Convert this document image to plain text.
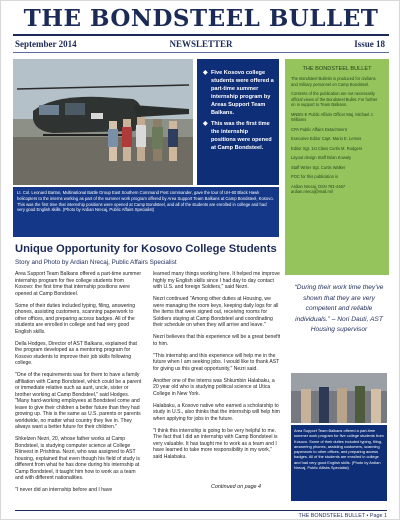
THE BONDSTEEL BULLET
September 2014	NEWSLETTER	Issue 18
◆ Five Kosovo college students were offered a part-time summer internship program by Areas Support Team Balkans.
◆ This was the first time the internship positions were opened at Camp Bondsteel.
Lt. Col. Leonard Barton, Multinational Battle Group East Southern Command Post commander, gave the tour of UH-60 Black Hawk helicopters to the interns working as part of the summer work program offered by Area Support Team Balkans at Camp Bondsteel, Kosovo. This was the first time that internship positions were opened at Camp Bondsteel, and all of the students are enrolled in college and had very good English skills. (Photo by Ardian Nrecaj, Public Affairs Specialist)
THE BONDSTEEL BULLET

The Bondsteel Bulletin is produced for civilians and military personnel on Camp Bondsteel.

Contents of the publication are not necessarily official views of the Bondsteel Bullet. For further on in support to Team Balkans.

MNBG-E Public Affairs Officer Maj. Michael J. Williams

CPA Public Affairs Detachment

Executive Editor Capt. Mario E. Lemos

Editor Sgt. 1st Class Curtis M. Rodgers

Layout design Staff Brian Kowaly

Staff Writer Sgt. Curtis Walker

POC for this publication is

Ardian Nrecaj, DSN 781-4467 ardian.nrecaj@mail.mil

Unique Opportunity for Kosovo College Students
Story and Photo by Ardian Nrecaj, Public Affairs Specialist

Area Support Team Balkans offered a part-time summer internship program for five college students from Kosovo: the first time that internship positions were opened at Camp Bondsteel.

Some of their duties included typing, filing, answering phones, assisting customers, scanning paperwork to other offices, and preparing access badges. All of the students are enrolled in college and had very good English skills.

Della Hodges, Director of AST Balkans, explained that the program developed as a mentoring program for Kosovo students to improve their job skills following college.

"One of the requirements was for them to have a family affiliation with Camp Bondsteel, which could be a parent or immediate relative such as aunt, uncle, sister or brother working at Camp Bondsteel," said Hodges. "Many hard-working employees at Bondsteel come and leave to give their children a better future than they had growing up. This is the same as U.S. parents or parents worldwide, no matter what country they live in. They always want a better future for their children."

Shkelzen Nezri, 20, whose father works at Camp Bondsteel, is studying computer science at College Riinvest in Prishtina. Nezri, who was assigned to AST housing, explained that even though his field of study is different from what he has done during his internship at Camp Bondsteel, it taught him how to work as a team and with different nationalities.

"I never did an internship before and I have

learned many things working here. It helped me improve highly my English skills since I had day to day contact with U.S. and foreign Soldiers," said Nezri.

Nezri continued "Among other duties at Housing, we were managing the room keys, keeping daily logs for all the items that were signed out, receiving rooms for Soldiers staying at Camp Bondsteel and coordinating their schedule on when they will arrive and leave."

Nezri believes that this experience will be a great benefit to him.

"This internship and this experience will help me in the future when I am seeking jobs. I would like to thank AST for giving us this great opportunity," Nezri said.

Another one of the interns was Shkumbin Halabaku, a 20 year old who is studying political science at Utica College in New York.

Halabaku, a Kosovo native who earned a scholarship to study in U.S., also thinks that the internship will help him when applying for jobs in the future.

"I think this internship is going to be very helpful to me. The fact that I did an internship with Camp Bondsteel is very valuable. It has taught me to work as a team and I have learned to take more responsibility in my work," said Halabaku.

Continued on page 4
“During their work time they've shown that they are very competent and reliable individuals.” – Nori Dauti, AST Housing supervisor
Area Support Team Balkans offered a part-time summer work program for five college students from Kosovo. Some of their duties included typing, filing, answering phones, assisting customers, scanning paperwork to other offices, and preparing access badges. All of the students are enrolled in college and had very good English skills. (Photo by Ardian Nrecaj, Public Affairs Specialist)
THE BONDSTEEL BULLET • Page 1
